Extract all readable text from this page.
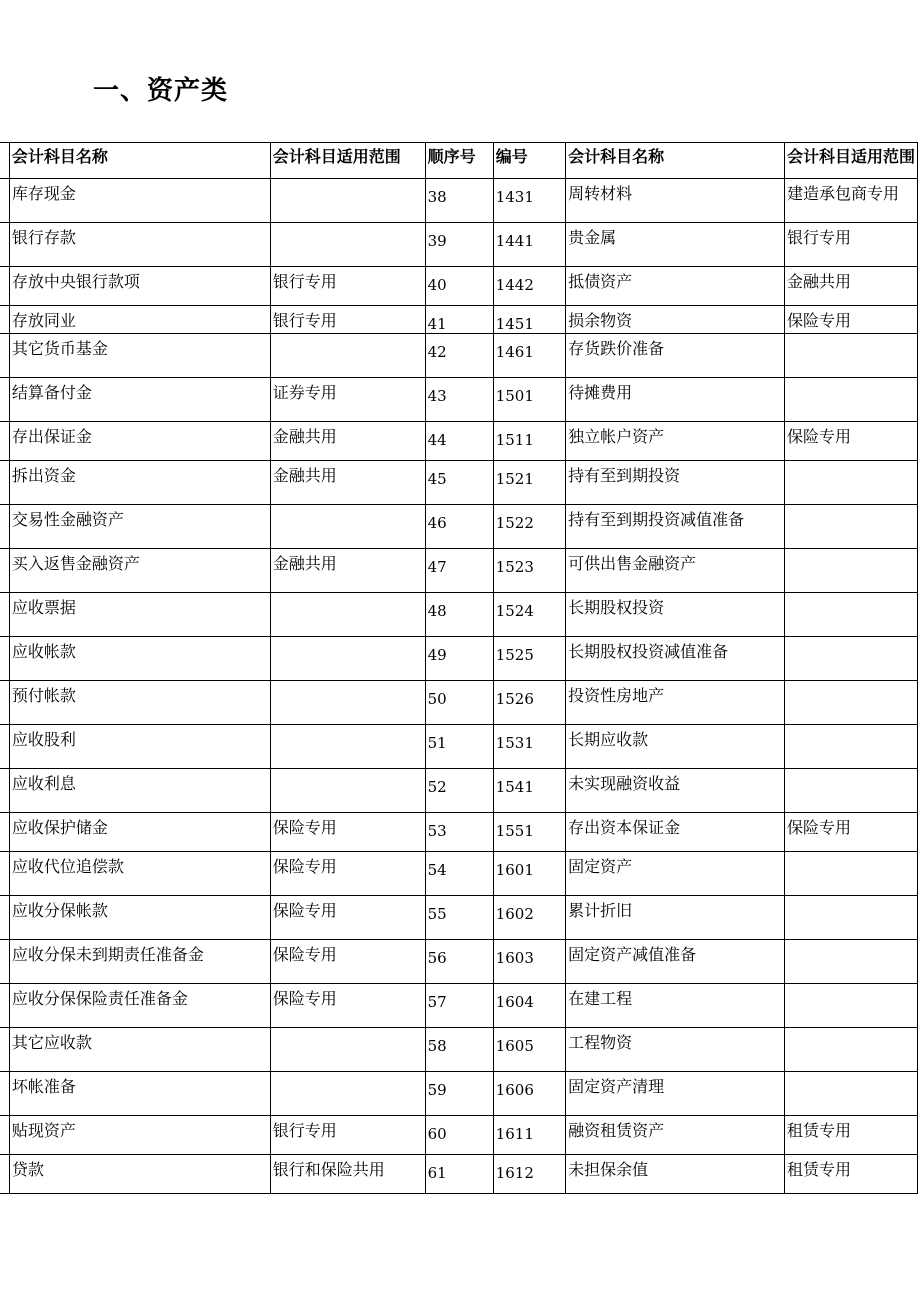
一、资产类
	会计科目名称	会计科目适用范围	顺序号	编号	会计科目名称	会计科目适用范围
	库存现金		38	1431	周转材料	建造承包商专用
	银行存款		39	1441	贵金属	银行专用
	存放中央银行款项	银行专用	40	1442	抵债资产	金融共用
	存放同业	银行专用	41	1451	损余物资	保险专用
	其它货币基金		42	1461	存货跌价准备	
	结算备付金	证券专用	43	1501	待摊费用	
	存出保证金	金融共用	44	1511	独立帐户资产	保险专用
	拆出资金	金融共用	45	1521	持有至到期投资	
	交易性金融资产		46	1522	持有至到期投资减值准备	
	买入返售金融资产	金融共用	47	1523	可供出售金融资产	
	应收票据		48	1524	长期股权投资	
	应收帐款		49	1525	长期股权投资减值准备	
	预付帐款		50	1526	投资性房地产	
	应收股利		51	1531	长期应收款	
	应收利息		52	1541	未实现融资收益	
	应收保护储金	保险专用	53	1551	存出资本保证金	保险专用
	应收代位追偿款	保险专用	54	1601	固定资产	
	应收分保帐款	保险专用	55	1602	累计折旧	
	应收分保未到期责任准备金	保险专用	56	1603	固定资产减值准备	
	应收分保保险责任准备金	保险专用	57	1604	在建工程	
	其它应收款		58	1605	工程物资	
	坏帐准备		59	1606	固定资产清理	
	贴现资产	银行专用	60	1611	融资租赁资产	租赁专用
	贷款	银行和保险共用	61	1612	未担保余值	租赁专用
